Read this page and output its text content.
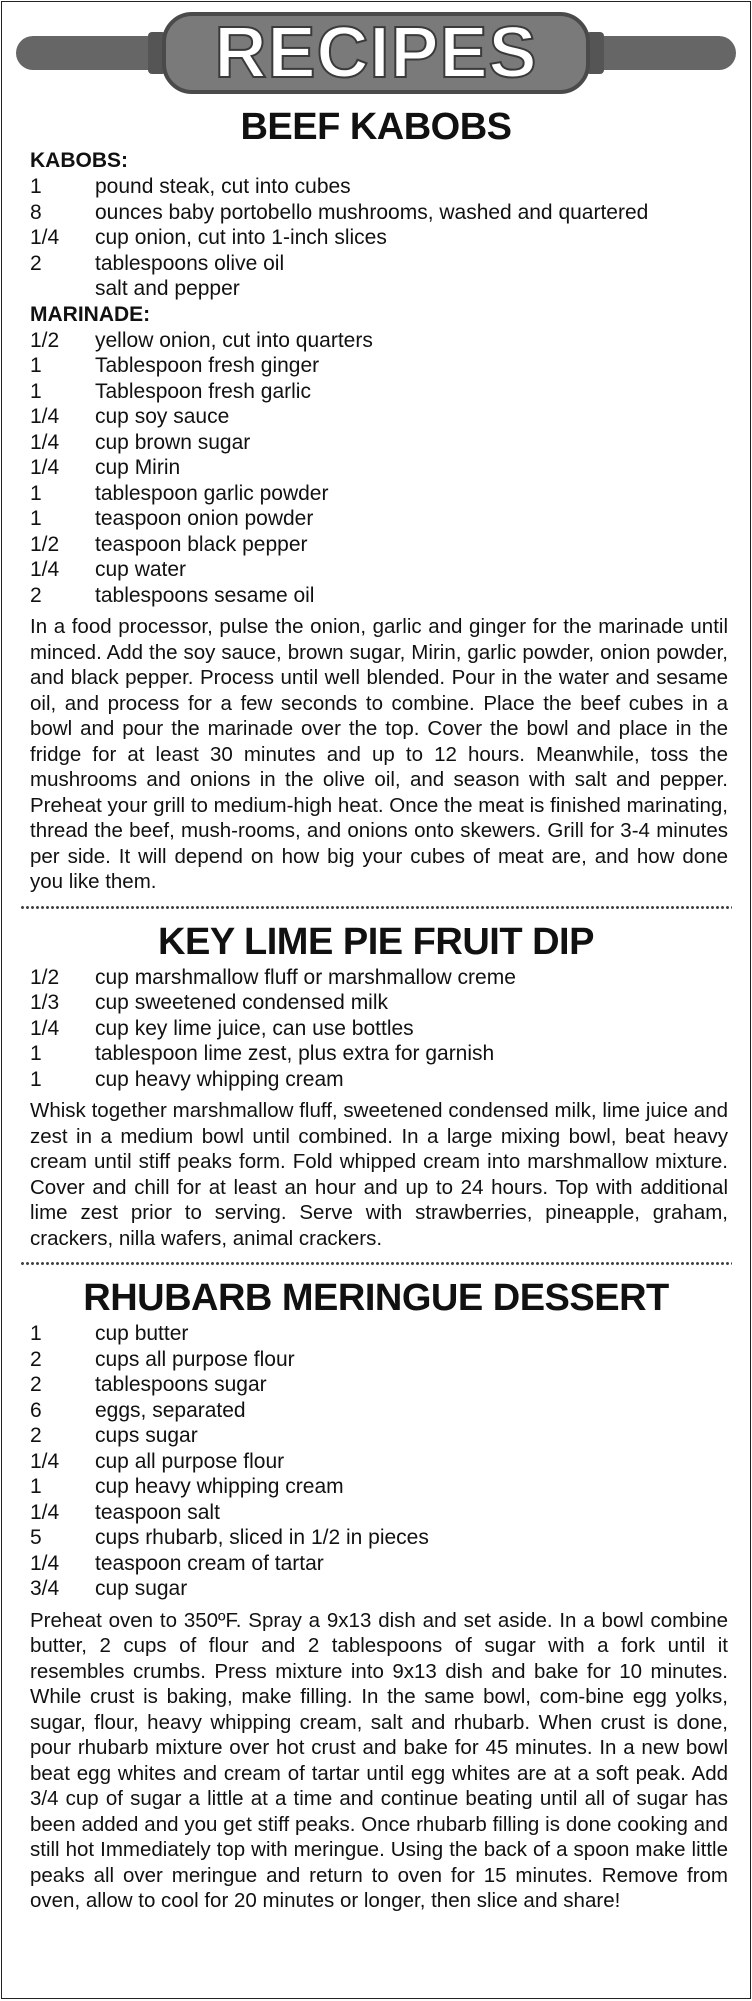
RECIPES
BEEF KABOBS
KABOBS:
1	pound steak, cut into cubes
8	ounces baby portobello mushrooms, washed and quartered
1/4	cup onion, cut into 1-inch slices
2	tablespoons olive oil
salt and pepper
MARINADE:
1/2	yellow onion, cut into quarters
1	Tablespoon fresh ginger
1	Tablespoon fresh garlic
1/4	cup soy sauce
1/4	cup brown sugar
1/4	cup Mirin
1	tablespoon garlic powder
1	teaspoon onion powder
1/2	teaspoon black pepper
1/4	cup water
2	tablespoons sesame oil

In a food processor, pulse the onion, garlic and ginger for the marinade until minced. Add the soy sauce, brown sugar, Mirin, garlic powder, onion powder, and black pepper. Process until well blended. Pour in the water and sesame oil, and process for a few seconds to combine. Place the beef cubes in a bowl and pour the marinade over the top. Cover the bowl and place in the fridge for at least 30 minutes and up to 12 hours. Meanwhile, toss the mushrooms and onions in the olive oil, and season with salt and pepper. Preheat your grill to medium-high heat. Once the meat is finished marinating, thread the beef, mush-rooms, and onions onto skewers. Grill for 3-4 minutes per side. It will depend on how big your cubes of meat are, and how done you like them.

KEY LIME PIE FRUIT DIP
1/2	cup marshmallow fluff or marshmallow creme
1/3	cup sweetened condensed milk
1/4	cup key lime juice, can use bottles
1	tablespoon lime zest, plus extra for garnish
1	cup heavy whipping cream

Whisk together marshmallow fluff, sweetened condensed milk, lime juice and zest in a medium bowl until combined. In a large mixing bowl, beat heavy cream until stiff peaks form. Fold whipped cream into marshmallow mixture. Cover and chill for at least an hour and up to 24 hours. Top with additional lime zest prior to serving. Serve with strawberries, pineapple, graham, crackers, nilla wafers, animal crackers.

RHUBARB MERINGUE DESSERT
1	cup butter
2	cups all purpose flour
2	tablespoons sugar
6	eggs, separated
2	cups sugar
1/4	cup all purpose flour
1	cup heavy whipping cream
1/4	teaspoon salt
5	cups rhubarb, sliced in 1/2 in pieces
1/4	teaspoon cream of tartar
3/4	cup sugar

Preheat oven to 350ºF. Spray a 9x13 dish and set aside. In a bowl combine butter, 2 cups of flour and 2 tablespoons of sugar with a fork until it resembles crumbs. Press mixture into 9x13 dish and bake for 10 minutes. While crust is baking, make filling. In the same bowl, com-bine egg yolks, sugar, flour, heavy whipping cream, salt and rhubarb. When crust is done, pour rhubarb mixture over hot crust and bake for 45 minutes. In a new bowl beat egg whites and cream of tartar until egg whites are at a soft peak. Add 3/4 cup of sugar a little at a time and continue beating until all of sugar has been added and you get stiff peaks. Once rhubarb filling is done cooking and still hot Immediately top with meringue. Using the back of a spoon make little peaks all over meringue and return to oven for 15 minutes. Remove from oven, allow to cool for 20 minutes or longer, then slice and share!
